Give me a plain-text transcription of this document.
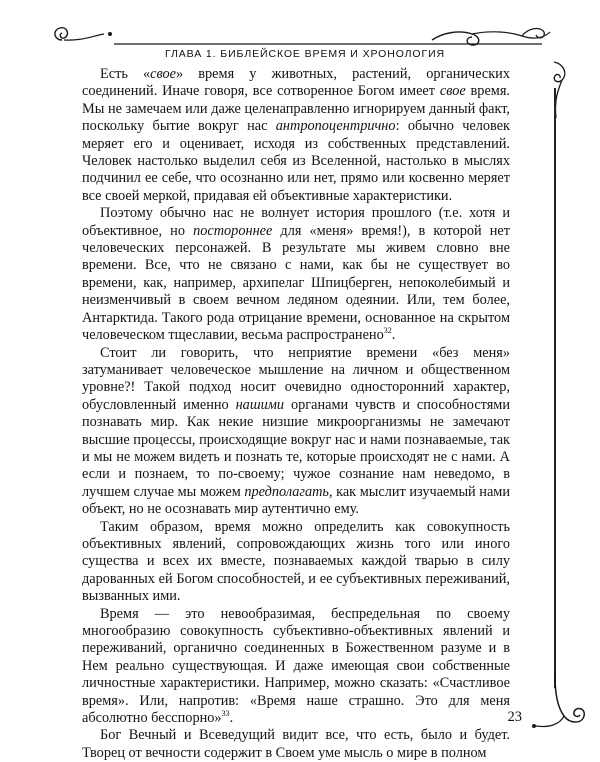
ГЛАВА 1. БИБЛЕЙСКОЕ ВРЕМЯ И ХРОНОЛОГИЯ

Есть «свое» время у животных, растений, органических соединений. Иначе говоря, все сотворенное Богом имеет свое время. Мы не замечаем или даже целенаправленно игнорируем данный факт, поскольку бытие вокруг нас антропоцентрично: обычно человек меряет его и оценивает, исходя из собственных представлений. Человек настолько выделил себя из Вселенной, настолько в мыслях подчинил ее себе, что осознанно или нет, прямо или косвенно меряет все своей меркой, придавая ей объективные характеристики.

Поэтому обычно нас не волнует история прошлого (т.е. хотя и объективное, но постороннее для «меня» время!), в которой нет человеческих персонажей. В результате мы живем словно вне времени. Все, что не связано с нами, как бы не существует во времени, как, например, архипелаг Шпицберген, непоколебимый и неизменчивый в своем вечном ледяном одеянии. Или, тем более, Антарктида. Такого рода отрицание времени, основанное на скрытом человеческом тщеславии, весьма распространено$^{32}$.

Стоит ли говорить, что неприятие времени «без меня» затуманивает человеческое мышление на личном и общественном уровне?! Такой подход носит очевидно односторонний характер, обусловленный именно нашими органами чувств и способностями познавать мир. Как некие низшие микроорганизмы не замечают высшие процессы, происходящие вокруг нас и нами познаваемые, так и мы не можем видеть и познать те, которые происходят не с нами. А если и познаем, то по-своему; чужое сознание нам неведомо, в лучшем случае мы можем предполагать, как мыслит изучаемый нами объект, но не осознавать мир аутентично ему.

Таким образом, время можно определить как совокупность объективных явлений, сопровождающих жизнь того или иного существа и всех их вместе, познаваемых каждой тварью в силу дарованных ей Богом способностей, и ее субъективных переживаний, вызванных ими.

Время — это невообразимая, беспредельная по своему многообразию совокупность субъективно-объективных явлений и переживаний, органично соединенных в Божественном разуме и в Нем реально существующая. И даже имеющая свои собственные личностные характеристики. Например, можно сказать: «Счастливое время». Или, напротив: «Время наше страшно. Это для меня абсолютно бесспорно»$^{33}$.

Бог Вечный и Всеведущий видит все, что есть, было и будет. Творец от вечности содержит в Своем уме мысль о мире в полном

23
